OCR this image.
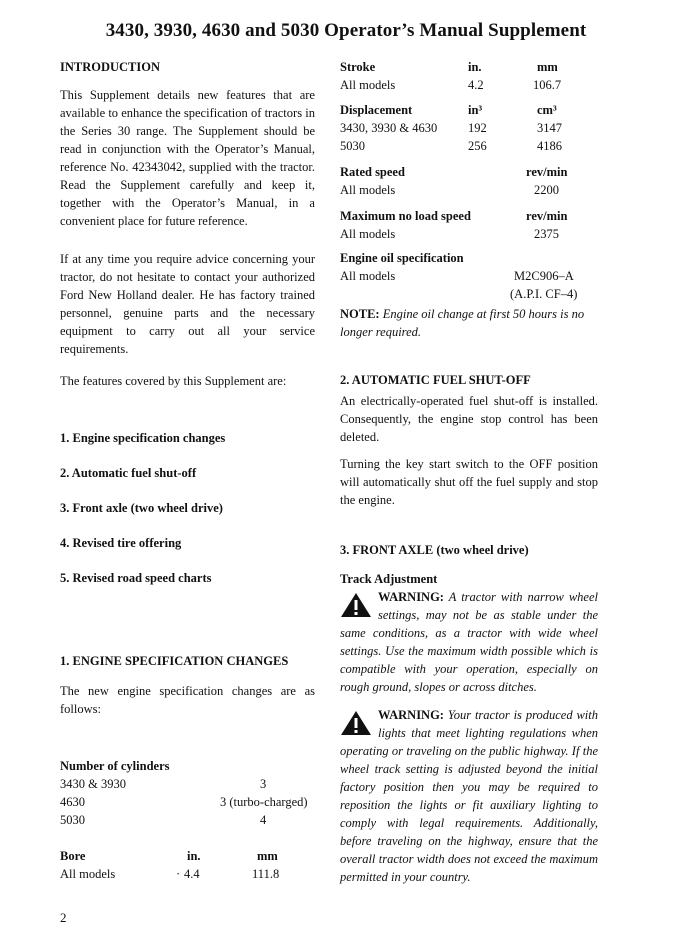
3430, 3930, 4630 and 5030 Operator’s Manual Supplement
INTRODUCTION
This Supplement details new features that are available to enhance the specification of tractors in the Series 30 range. The Supplement should be read in conjunction with the Operator’s Manual, reference No. 42343042, supplied with the tractor. Read the Supplement carefully and keep it, together with the Operator’s Manual, in a convenient place for future reference.
If at any time you require advice concerning your tractor, do not hesitate to contact your authorized Ford New Holland dealer. He has factory trained personnel, genuine parts and the necessary equipment to carry out all your service requirements.
The features covered by this Supplement are:
1. Engine specification changes
2. Automatic fuel shut-off
3. Front axle (two wheel drive)
4. Revised tire offering
5. Revised road speed charts
1. ENGINE SPECIFICATION CHANGES
The new engine specification changes are as follows:
Number of cylinders
3430 & 3930	3
4630	3 (turbo-charged)
5030	4
Bore	in.	mm
All models	· 4.4	111.8
Stroke	in.	mm
All models	4.2	106.7
Displacement	in³	cm³
3430, 3930 & 4630 192	3147
5030	256	4186
Rated speed	rev/min
All models	2200
Maximum no load speed	rev/min
All models	2375
Engine oil specification
All models	M2C906–A
(A.P.I. CF–4)
NOTE: Engine oil change at first 50 hours is no longer required.
2. AUTOMATIC FUEL SHUT-OFF
An electrically-operated fuel shut-off is installed. Consequently, the engine stop control has been deleted.
Turning the key start switch to the OFF position will automatically shut off the fuel supply and stop the engine.
3. FRONT AXLE (two wheel drive)
Track Adjustment
WARNING: A tractor with narrow wheel settings, may not be as stable under the same conditions, as a tractor with wide wheel settings. Use the maximum width possible which is compatible with your operation, especially on rough ground, slopes or across ditches.
WARNING: Your tractor is produced with lights that meet lighting regulations when operating or traveling on the public highway. If the wheel track setting is adjusted beyond the initial factory position then you may be required to reposition the lights or fit auxiliary lighting to comply with legal requirements. Additionally, before traveling on the highway, ensure that the overall tractor width does not exceed the maximum permitted in your country.
2
